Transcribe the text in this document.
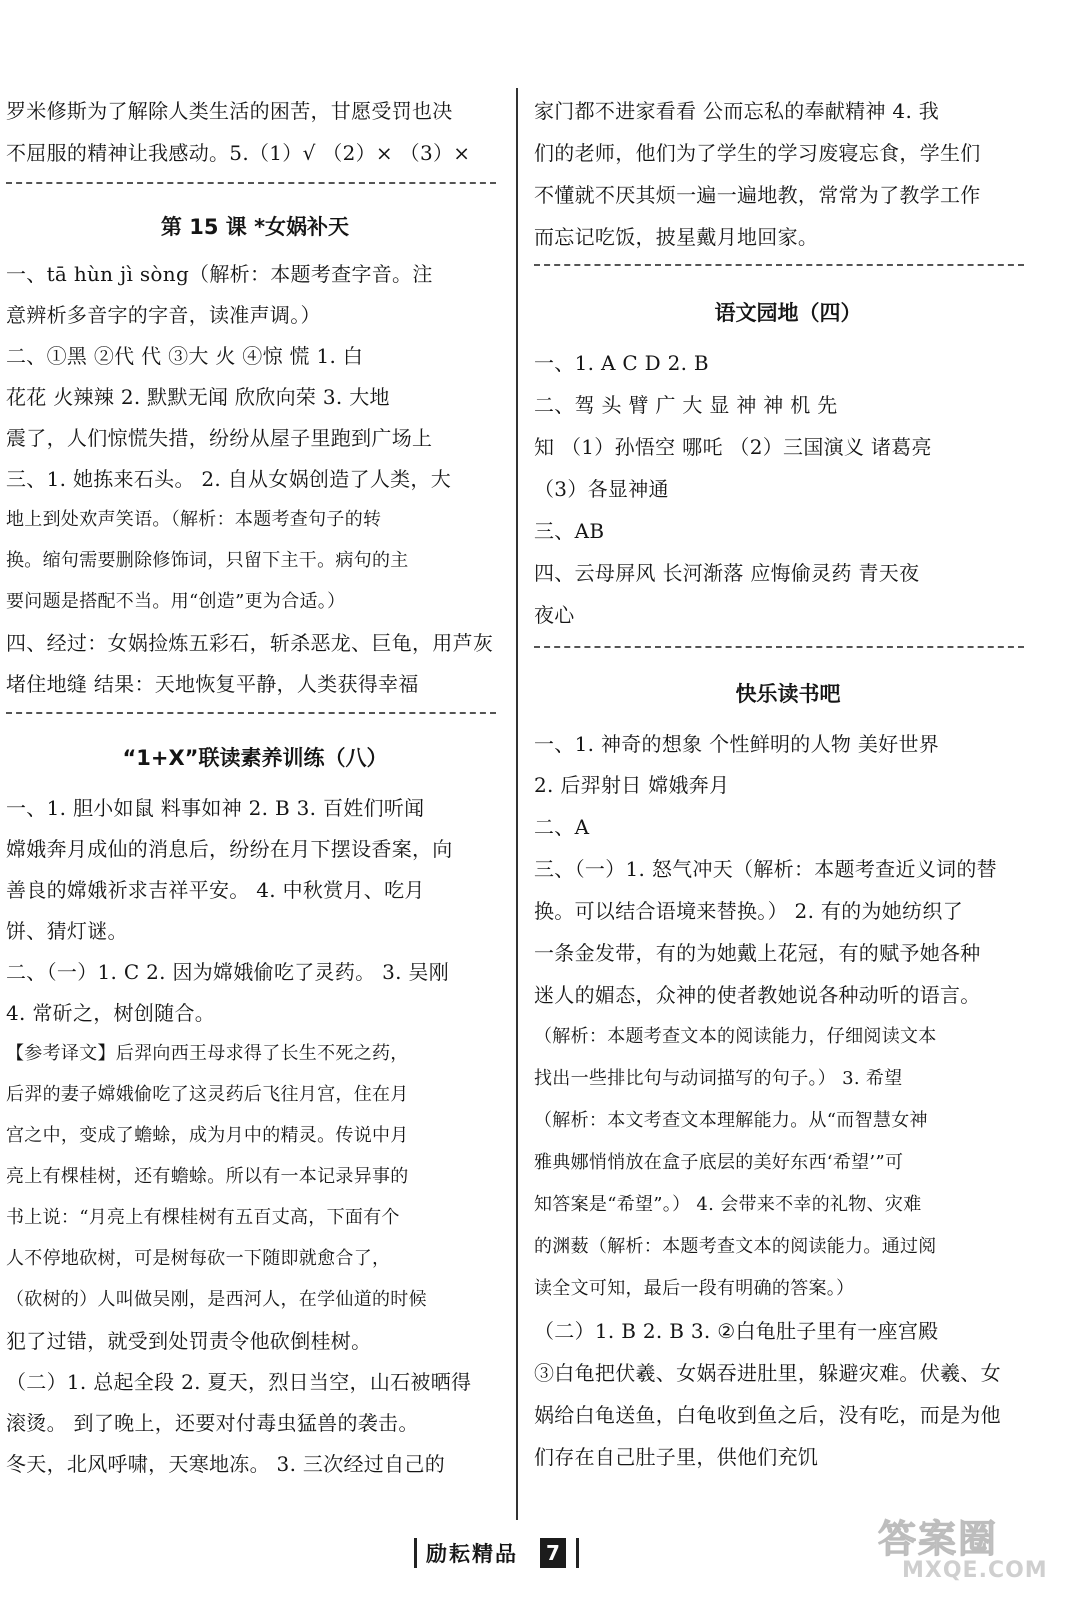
罗米修斯为了解除人类生活的困苦，甘愿受罚也决
不屈服的精神让我感动。5.（1）√ （2）× （3）×
第 15 课 *女娲补天
一、tā hùn jì sòng（解析：本题考查字音。注
意辨析多音字的字音，读准声调。）
二、①黑 ②代 代 ③大 火 ④惊 慌 1. 白
花花 火辣辣 2. 默默无闻 欣欣向荣 3. 大地
震了，人们惊慌失措，纷纷从屋子里跑到广场上
三、1. 她拣来石头。 2. 自从女娲创造了人类，大
地上到处欢声笑语。（解析：本题考查句子的转
换。缩句需要删除修饰词，只留下主干。病句的主
要问题是搭配不当。用“创造”更为合适。）
四、经过：女娲捡炼五彩石，斩杀恶龙、巨龟，用芦灰
堵住地缝 结果：天地恢复平静，人类获得幸福
“1+X”联读素养训练（八）
一、1. 胆小如鼠 料事如神 2. B 3. 百姓们听闻
嫦娥奔月成仙的消息后，纷纷在月下摆设香案，向
善良的嫦娥祈求吉祥平安。 4. 中秋赏月、吃月
饼、猜灯谜。
二、（一）1. C 2. 因为嫦娥偷吃了灵药。 3. 吴刚
4. 常斫之，树创随合。
【参考译文】后羿向西王母求得了长生不死之药，
后羿的妻子嫦娥偷吃了这灵药后飞往月宫，住在月
宫之中，变成了蟾蜍，成为月中的精灵。传说中月
亮上有棵桂树，还有蟾蜍。所以有一本记录异事的
书上说：“月亮上有棵桂树有五百丈高，下面有个
人不停地砍树，可是树每砍一下随即就愈合了，
（砍树的）人叫做吴刚，是西河人，在学仙道的时候
犯了过错，就受到处罚责令他砍倒桂树。
（二）1. 总起全段 2. 夏天，烈日当空，山石被晒得
滚烫。 到了晚上，还要对付毒虫猛兽的袭击。
冬天，北风呼啸，天寒地冻。 3. 三次经过自己的
家门都不进家看看 公而忘私的奉献精神 4. 我
们的老师，他们为了学生的学习废寝忘食，学生们
不懂就不厌其烦一遍一遍地教，常常为了教学工作
而忘记吃饭，披星戴月地回家。
语文园地（四）
一、1. A C D 2. B
二、驾 头 臂 广 大 显 神 神 机 先
知 （1）孙悟空 哪吒 （2）三国演义 诸葛亮
（3）各显神通
三、AB
四、云母屏风 长河渐落 应悔偷灵药 青天夜
夜心
快乐读书吧
一、1. 神奇的想象 个性鲜明的人物 美好世界
2. 后羿射日 嫦娥奔月
二、A
三、（一）1. 怒气冲天（解析：本题考查近义词的替
换。可以结合语境来替换。） 2. 有的为她纺织了
一条金发带，有的为她戴上花冠，有的赋予她各种
迷人的媚态，众神的使者教她说各种动听的语言。
（解析：本题考查文本的阅读能力，仔细阅读文本
找出一些排比句与动词描写的句子。） 3. 希望
（解析：本文考查文本理解能力。从“而智慧女神
雅典娜悄悄放在盒子底层的美好东西‘希望’”可
知答案是“希望”。） 4. 会带来不幸的礼物、灾难
的渊薮（解析：本题考查文本的阅读能力。通过阅
读全文可知，最后一段有明确的答案。）
（二）1. B 2. B 3. ②白龟肚子里有一座宫殿
③白龟把伏羲、女娲吞进肚里，躲避灾难。伏羲、女
娲给白龟送鱼，白龟收到鱼之后，没有吃，而是为他
们存在自己肚子里，供他们充饥
励耘精品	7	答案圈
MXQE.COM
